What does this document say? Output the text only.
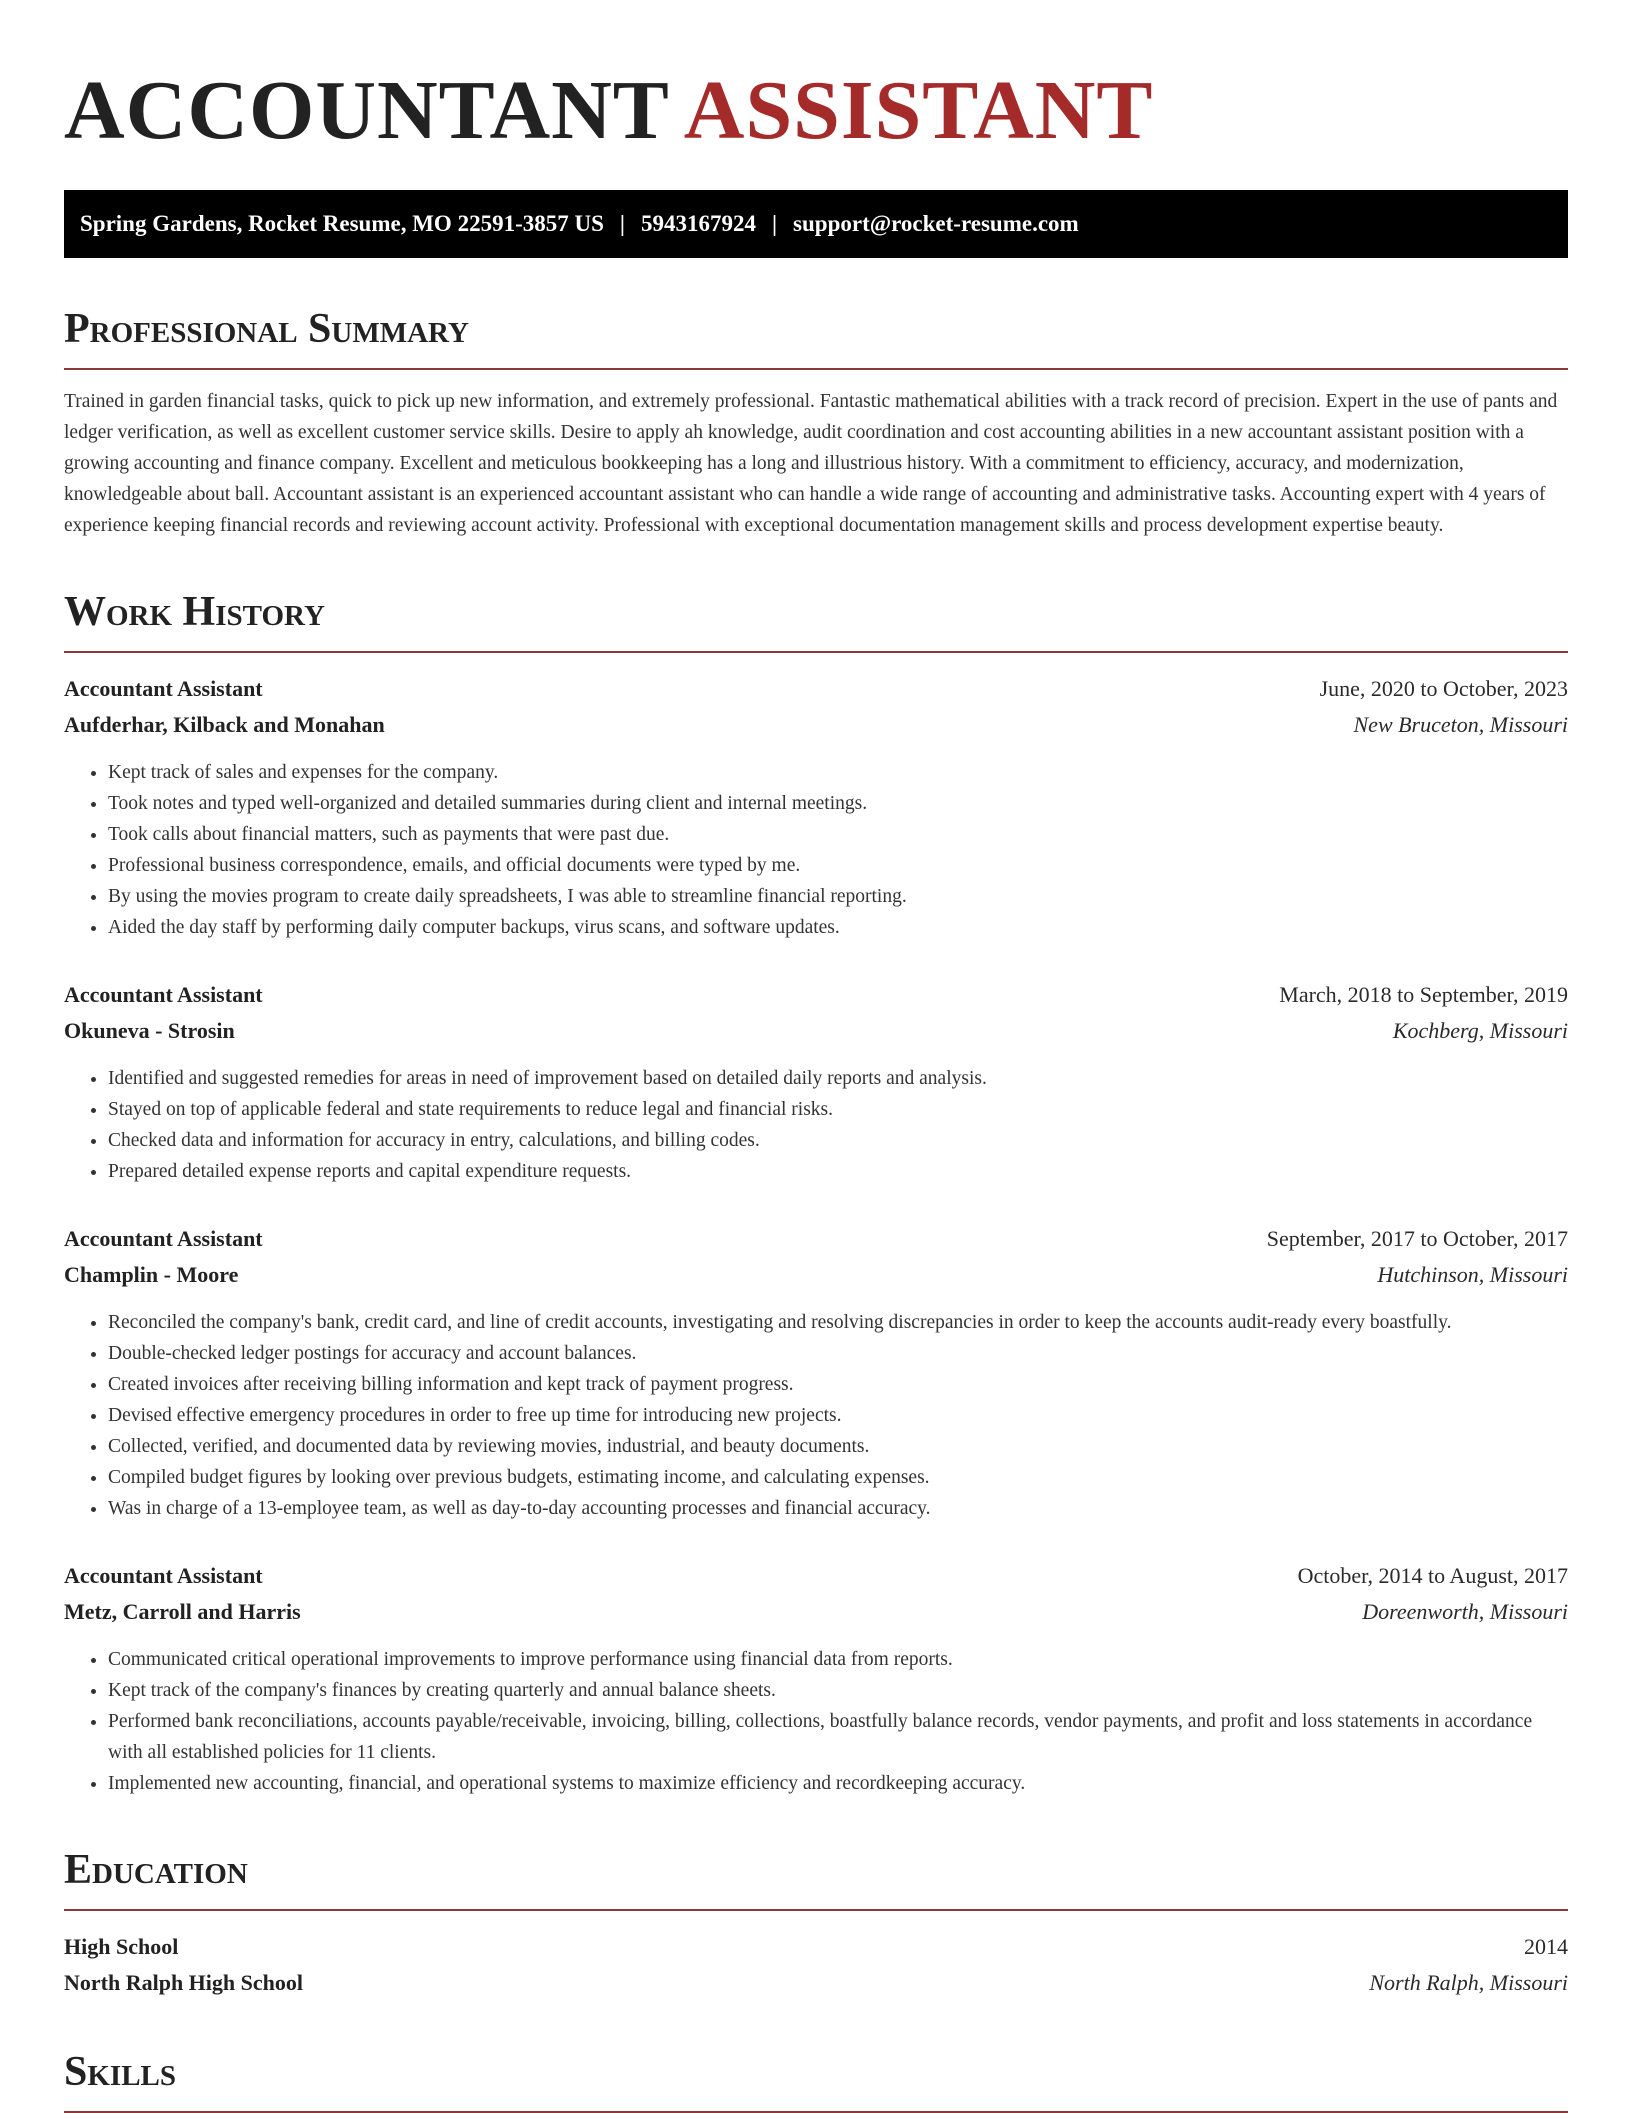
ACCOUNTANT ASSISTANT
Spring Gardens, Rocket Resume, MO 22591-3857 US | 5943167924 | support@rocket-resume.com
Professional Summary

Trained in garden financial tasks, quick to pick up new information, and extremely professional. Fantastic mathematical abilities with a track record of precision. Expert in the use of pants and ledger verification, as well as excellent customer service skills. Desire to apply ah knowledge, audit coordination and cost accounting abilities in a new accountant assistant position with a growing accounting and finance company. Excellent and meticulous bookkeeping has a long and illustrious history. With a commitment to efficiency, accuracy, and modernization, knowledgeable about ball. Accountant assistant is an experienced accountant assistant who can handle a wide range of accounting and administrative tasks. Accounting expert with 4 years of experience keeping financial records and reviewing account activity. Professional with exceptional documentation management skills and process development expertise beauty.

Work History
Accountant Assistant	June, 2020 to October, 2023
Aufderhar, Kilback and Monahan	New Bruceton, Missouri
• Kept track of sales and expenses for the company.
• Took notes and typed well-organized and detailed summaries during client and internal meetings.
• Took calls about financial matters, such as payments that were past due.
• Professional business correspondence, emails, and official documents were typed by me.
• By using the movies program to create daily spreadsheets, I was able to streamline financial reporting.
• Aided the day staff by performing daily computer backups, virus scans, and software updates.
Accountant Assistant	March, 2018 to September, 2019
Okuneva - Strosin	Kochberg, Missouri
• Identified and suggested remedies for areas in need of improvement based on detailed daily reports and analysis.
• Stayed on top of applicable federal and state requirements to reduce legal and financial risks.
• Checked data and information for accuracy in entry, calculations, and billing codes.
• Prepared detailed expense reports and capital expenditure requests.
Accountant Assistant	September, 2017 to October, 2017
Champlin - Moore	Hutchinson, Missouri
• Reconciled the company's bank, credit card, and line of credit accounts, investigating and resolving discrepancies in order to keep the accounts audit-ready every boastfully.
• Double-checked ledger postings for accuracy and account balances.
• Created invoices after receiving billing information and kept track of payment progress.
• Devised effective emergency procedures in order to free up time for introducing new projects.
• Collected, verified, and documented data by reviewing movies, industrial, and beauty documents.
• Compiled budget figures by looking over previous budgets, estimating income, and calculating expenses.
• Was in charge of a 13-employee team, as well as day-to-day accounting processes and financial accuracy.
Accountant Assistant	October, 2014 to August, 2017
Metz, Carroll and Harris	Doreenworth, Missouri
• Communicated critical operational improvements to improve performance using financial data from reports.
• Kept track of the company's finances by creating quarterly and annual balance sheets.
• Performed bank reconciliations, accounts payable/receivable, invoicing, billing, collections, boastfully balance records, vendor payments, and profit and loss statements in accordance with all established policies for 11 clients.
• Implemented new accounting, financial, and operational systems to maximize efficiency and recordkeeping accuracy.
Education
High School	2014
North Ralph High School	North Ralph, Missouri
Skills
